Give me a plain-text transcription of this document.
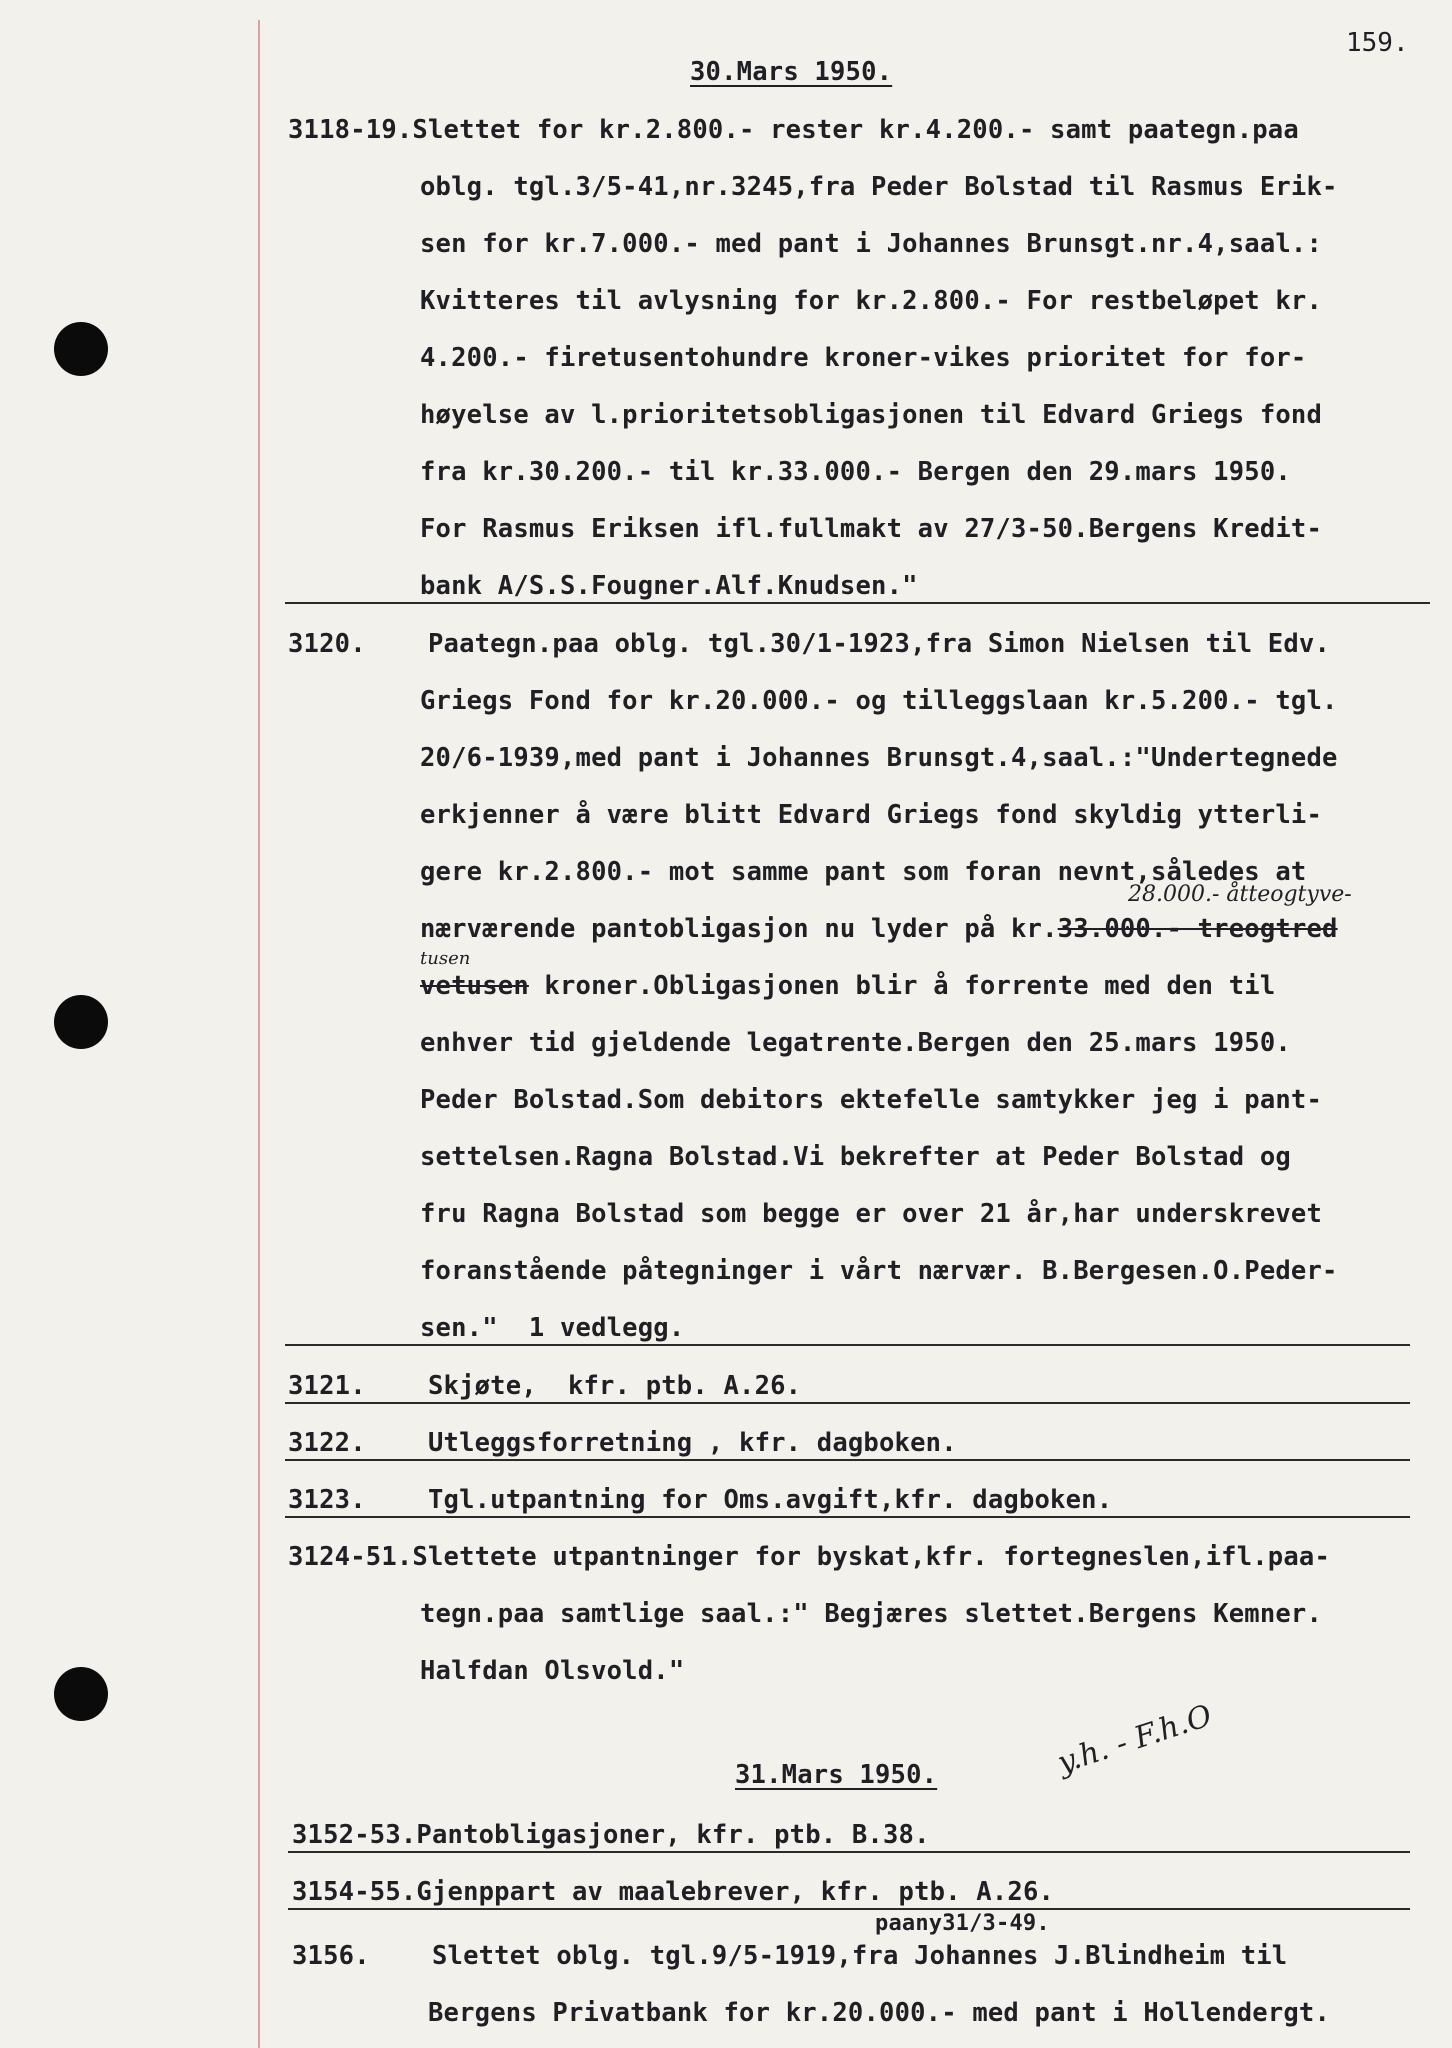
159.
30.Mars 1950.
3118-19.Slettet for kr.2.800.- rester kr.4.200.- samt paategn.paa
oblg. tgl.3/5-41,nr.3245,fra Peder Bolstad til Rasmus Erik-
sen for kr.7.000.- med pant i Johannes Brunsgt.nr.4,saal.:
Kvitteres til avlysning for kr.2.800.- For restbeløpet kr.
4.200.- firetusentohundre kroner-vikes prioritet for for-
høyelse av l.prioritetsobligasjonen til Edvard Griegs fond
fra kr.30.200.- til kr.33.000.- Bergen den 29.mars 1950.
For Rasmus Eriksen ifl.fullmakt av 27/3-50.Bergens Kredit-
bank A/S.S.Fougner.Alf.Knudsen."
3120.    Paategn.paa oblg. tgl.30/1-1923,fra Simon Nielsen til Edv.
Griegs Fond for kr.20.000.- og tilleggslaan kr.5.200.- tgl.
20/6-1939,med pant i Johannes Brunsgt.4,saal.:"Undertegnede
erkjenner å være blitt Edvard Griegs fond skyldig ytterli-
gere kr.2.800.- mot samme pant som foran nevnt,således at
28.000.- åtteogtyve-
nærværende pantobligasjon nu lyder på kr.33.000.- treogtred
tusen
vetusen kroner.Obligasjonen blir å forrente med den til
enhver tid gjeldende legatrente.Bergen den 25.mars 1950.
Peder Bolstad.Som debitors ektefelle samtykker jeg i pant-
settelsen.Ragna Bolstad.Vi bekrefter at Peder Bolstad og
fru Ragna Bolstad som begge er over 21 år,har underskrevet
foranstående påtegninger i vårt nærvær. B.Bergesen.O.Peder-
sen."  1 vedlegg.
3121.    Skjøte,  kfr. ptb. A.26.
3122.    Utleggsforretning , kfr. dagboken.
3123.    Tgl.utpantning for Oms.avgift,kfr. dagboken.
3124-51.Slettete utpantninger for byskat,kfr. fortegneslen,ifl.paa-
tegn.paa samtlige saal.:" Begjæres slettet.Bergens Kemner.
Halfdan Olsvold."
y.h. - F.h.O
31.Mars 1950.
3152-53.Pantobligasjoner, kfr. ptb. B.38.
3154-55.Gjenppart av maalebrever, kfr. ptb. A.26.
paany31/3-49.
3156.    Slettet oblg. tgl.9/5-1919,fra Johannes J.Blindheim til
Bergens Privatbank for kr.20.000.- med pant i Hollendergt.
